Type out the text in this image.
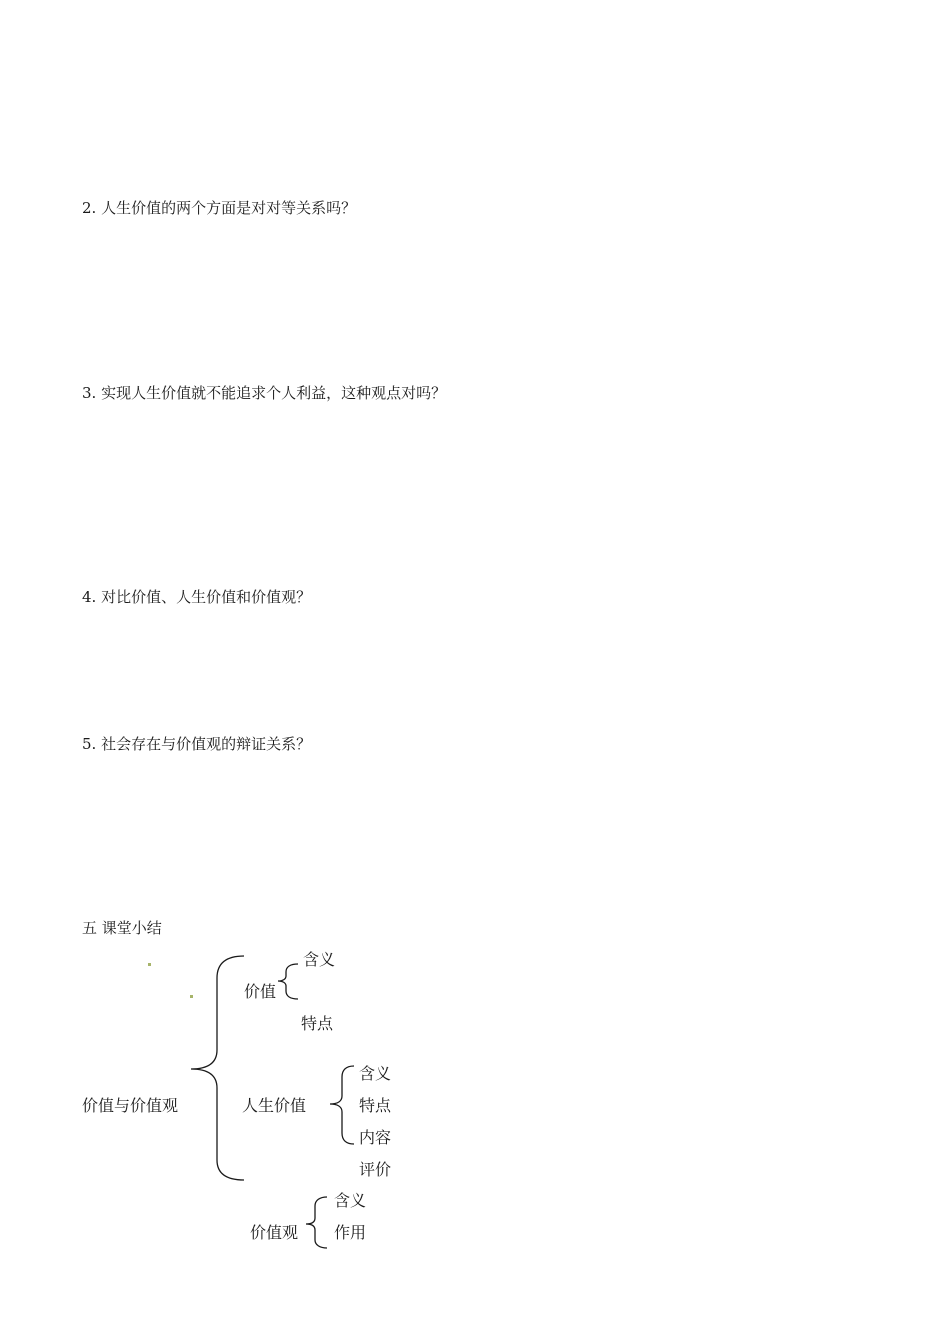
2. 人生价值的两个方面是对对等关系吗？
3. 实现人生价值就不能追求个人利益，这种观点对吗？
4. 对比价值、人生价值和价值观？
5. 社会存在与价值观的辩证关系？
五 课堂小结
价值与价值观
价值
含义
特点
人生价值
含义
特点
内容
评价
价值观
含义
作用
